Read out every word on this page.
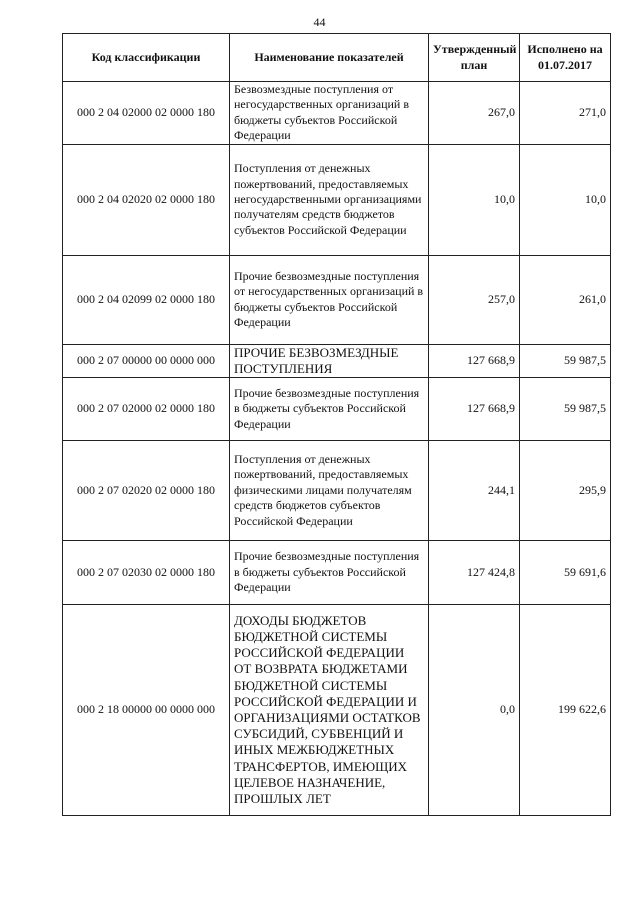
44
Код классификации	Наименование показателей	Утвержденный план	Исполнено на 01.07.2017
000 2 04 02000 02 0000 180	Безвозмездные поступления от негосударственных организаций в бюджеты субъектов Российской Федерации	267,0	271,0
000 2 04 02020 02 0000 180	Поступления от денежных пожертвований, предоставляемых негосударственными организациями получателям средств бюджетов субъектов Российской Федерации	10,0	10,0
000 2 04 02099 02 0000 180	Прочие безвозмездные поступления от негосударственных организаций в бюджеты субъектов Российской Федерации	257,0	261,0
000 2 07 00000 00 0000 000	ПРОЧИЕ БЕЗВОЗМЕЗДНЫЕ ПОСТУПЛЕНИЯ	127 668,9	59 987,5
000 2 07 02000 02 0000 180	Прочие безвозмездные поступления в бюджеты субъектов Российской Федерации	127 668,9	59 987,5
000 2 07 02020 02 0000 180	Поступления от денежных пожертвований, предоставляемых физическими лицами получателям средств бюджетов субъектов Российской Федерации	244,1	295,9
000 2 07 02030 02 0000 180	Прочие безвозмездные поступления в бюджеты субъектов Российской Федерации	127 424,8	59 691,6
000 2 18 00000 00 0000 000	ДОХОДЫ БЮДЖЕТОВ БЮДЖЕТНОЙ СИСТЕМЫ РОССИЙСКОЙ ФЕДЕРАЦИИ ОТ ВОЗВРАТА БЮДЖЕТАМИ БЮДЖЕТНОЙ СИСТЕМЫ РОССИЙСКОЙ ФЕДЕРАЦИИ И ОРГАНИЗАЦИЯМИ ОСТАТКОВ СУБСИДИЙ, СУБВЕНЦИЙ И ИНЫХ МЕЖБЮДЖЕТНЫХ ТРАНСФЕРТОВ, ИМЕЮЩИХ ЦЕЛЕВОЕ НАЗНАЧЕНИЕ, ПРОШЛЫХ ЛЕТ	0,0	199 622,6
